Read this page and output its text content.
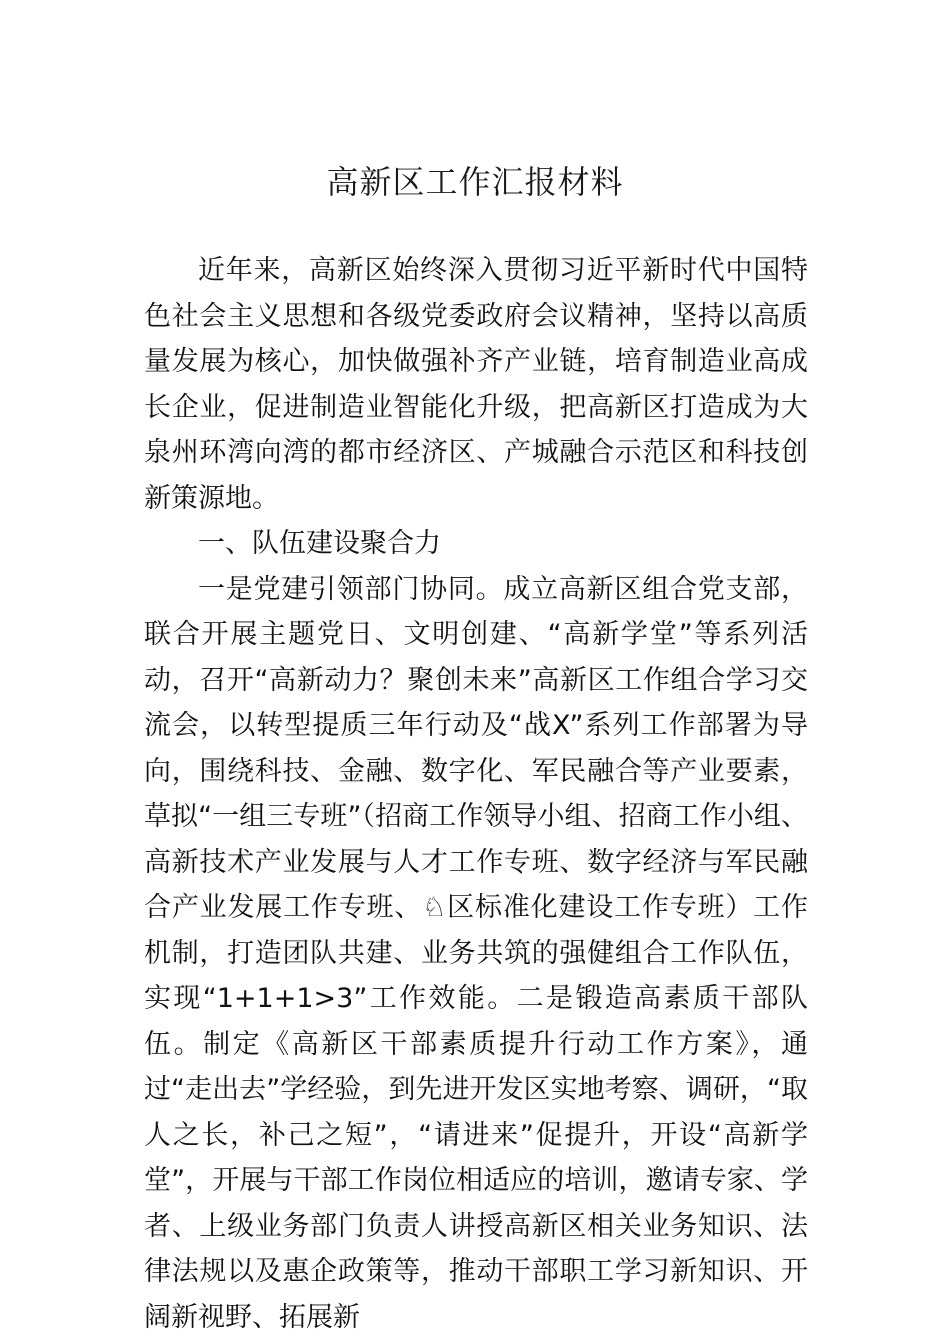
高新区工作汇报材料

近年来，高新区始终深入贯彻习近平新时代中国特色社会主义思想和各级党委政府会议精神，坚持以高质量发展为核心，加快做强补齐产业链，培育制造业高成长企业，促进制造业智能化升级，把高新区打造成为大泉州环湾向湾的都市经济区、产城融合示范区和科技创新策源地。

一、队伍建设聚合力

一是党建引领部门协同。成立高新区组合党支部，联合开展主题党日、文明创建、“高新学堂”等系列活动，召开“高新动力？聚创未来”高新区工作组合学习交流会，以转型提质三年行动及“战X”系列工作部署为导向，围绕科技、金融、数字化、军民融合等产业要素，草拟“一组三专班”（招商工作领导小组、招商工作小组、高新技术产业发展与人才工作专班、数字经济与军民融合产业发展工作专班、♘区标准化建设工作专班）工作机制，打造团队共建、业务共筑的强健组合工作队伍，实现“1+1+1>3”工作效能。二是锻造高素质干部队伍。制定《高新区干部素质提升行动工作方案》，通过“走出去”学经验，到先进开发区实地考察、调研，“取人之长，补己之短”，“请进来”促提升，开设“高新学堂”，开展与干部工作岗位相适应的培训，邀请专家、学者、上级业务部门负责人讲授高新区相关业务知识、法律法规以及惠企政策等，推动干部职工学习新知识、开阔新视野、拓展新
